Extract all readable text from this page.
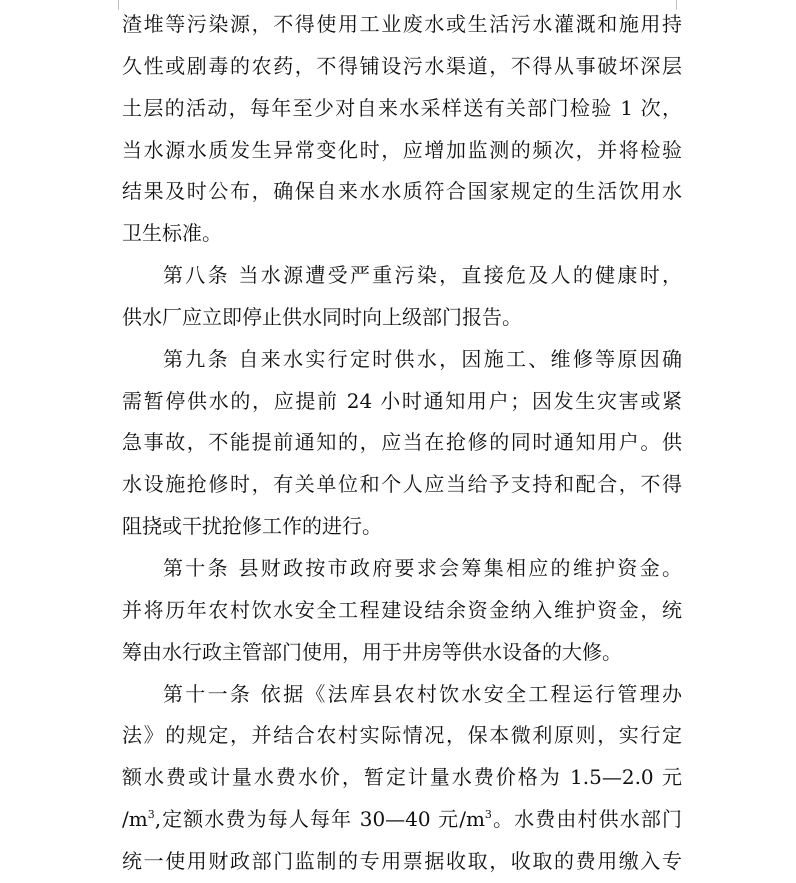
渣堆等污染源，不得使用工业废水或生活污水灌溉和施用持
久性或剧毒的农药，不得铺设污水渠道，不得从事破坏深层
土层的活动，每年至少对自来水采样送有关部门检验 1 次，
当水源水质发生异常变化时，应增加监测的频次，并将检验
结果及时公布，确保自来水水质符合国家规定的生活饮用水
卫生标准。
第八条 当水源遭受严重污染，直接危及人的健康时，
供水厂应立即停止供水同时向上级部门报告。
第九条 自来水实行定时供水，因施工、维修等原因确
需暂停供水的，应提前 24 小时通知用户；因发生灾害或紧
急事故，不能提前通知的，应当在抢修的同时通知用户。供
水设施抢修时，有关单位和个人应当给予支持和配合，不得
阻挠或干扰抢修工作的进行。
第十条 县财政按市政府要求会筹集相应的维护资金。
并将历年农村饮水安全工程建设结余资金纳入维护资金，统
筹由水行政主管部门使用，用于井房等供水设备的大修。
第十一条 依据《法库县农村饮水安全工程运行管理办
法》的规定，并结合农村实际情况，保本微利原则，实行定
额水费或计量水费水价，暂定计量水费价格为 1.5—2.0 元
$/m^3$,定额水费为每人每年 30—40 元$/m^3$。水费由村供水部门
统一使用财政部门监制的专用票据收取，收取的费用缴入专
